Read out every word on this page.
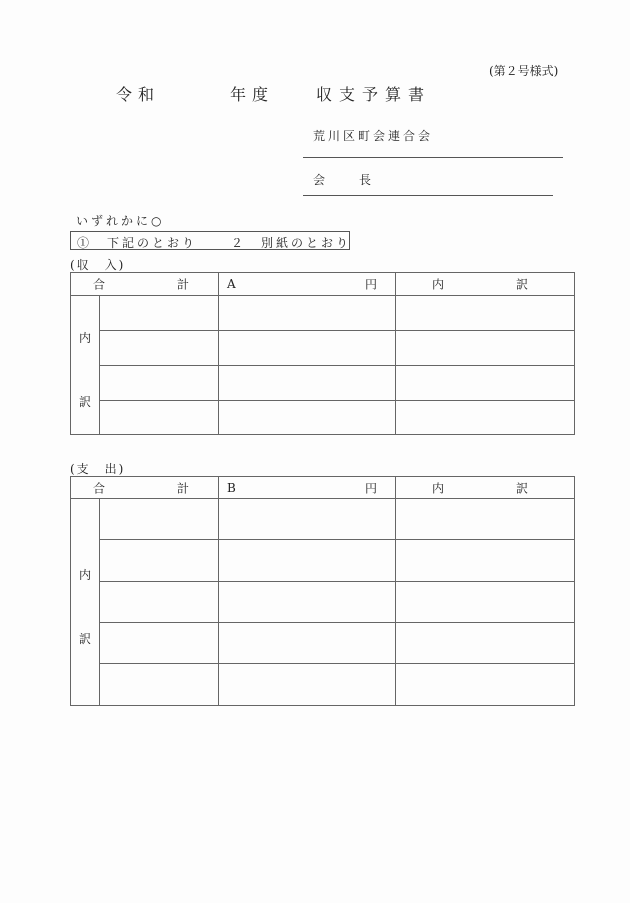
(第２号様式)
令和	年度	収支予算書
荒川区町会連合会
会	長
いずれかに○
①　下記のとおり	２　別紙のとおり
(収　入)
合 計		A 円	内 訳

内
訳			

(支　出)
合 計		B 円	内 訳

内
訳			
